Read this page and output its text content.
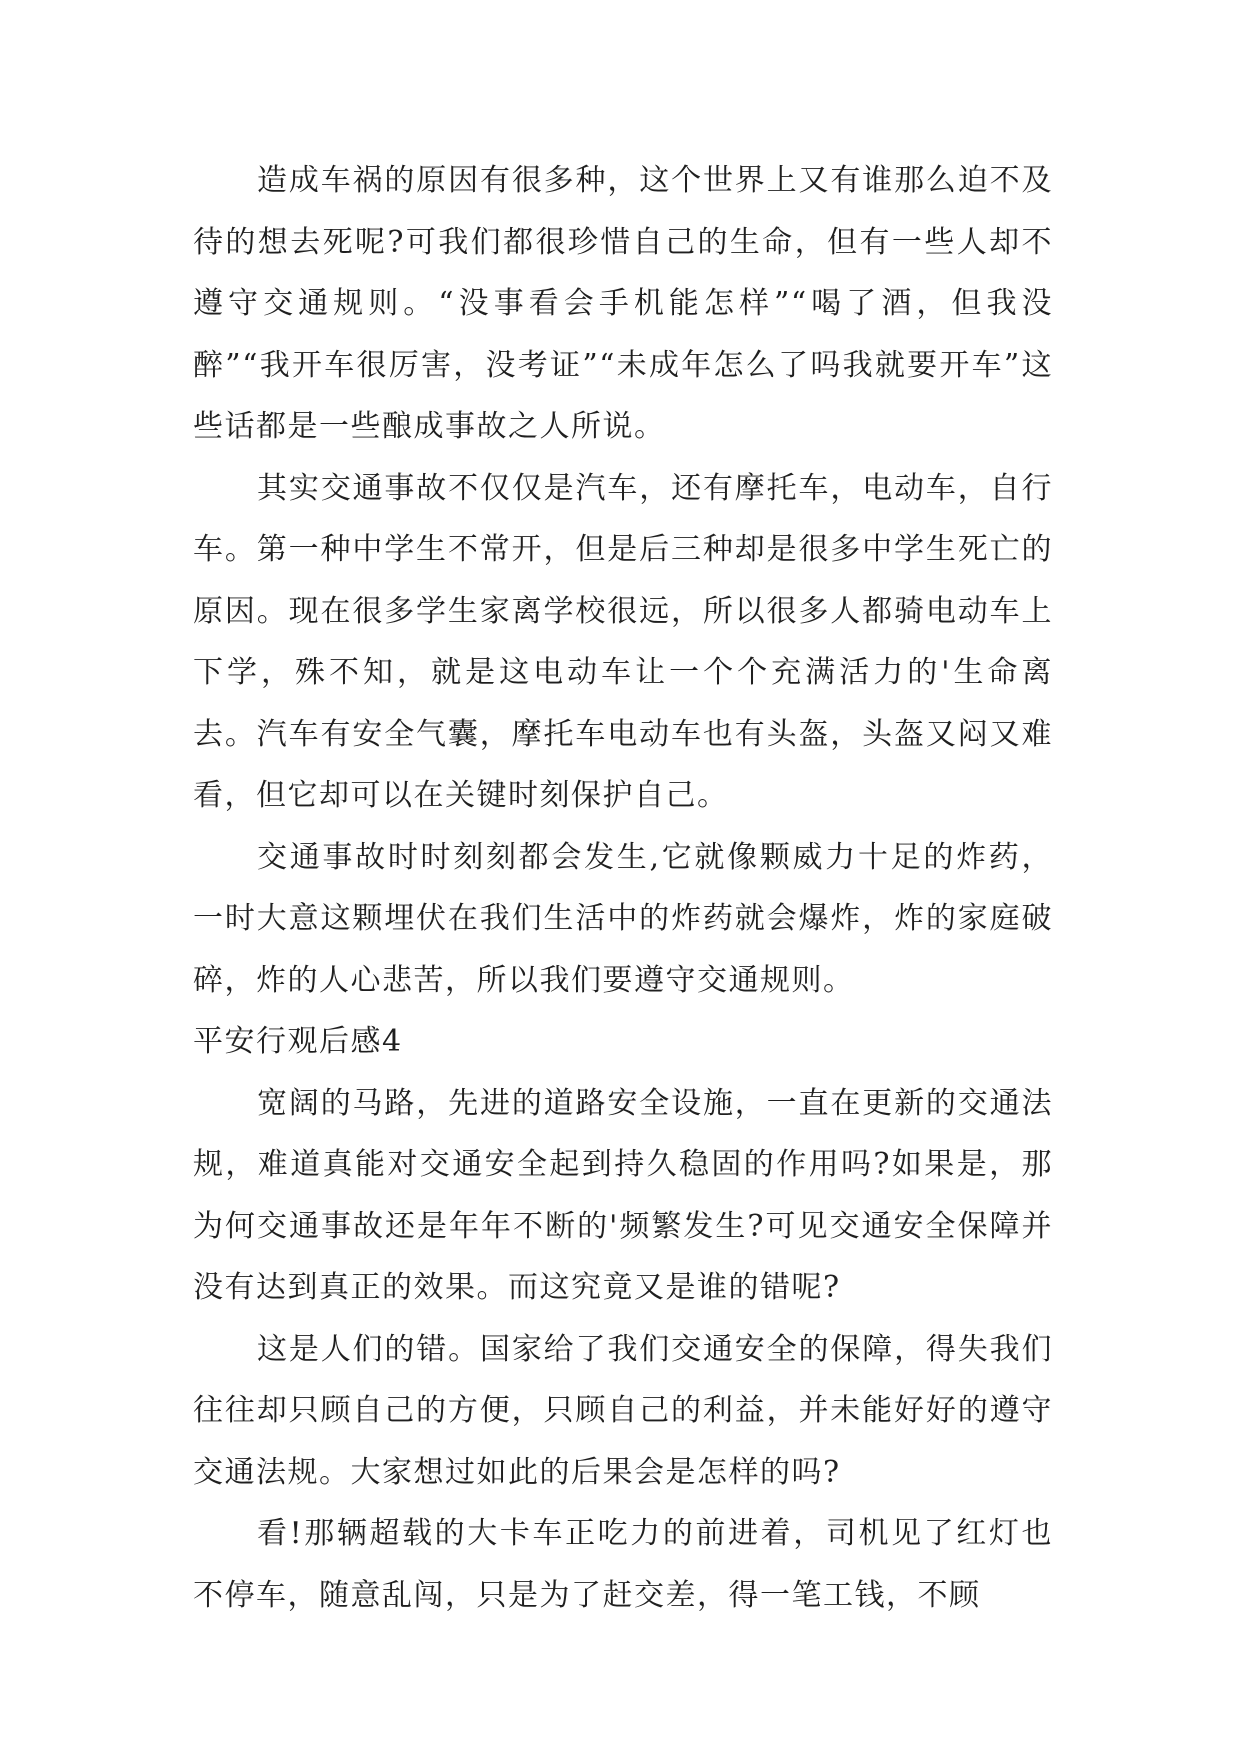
造成车祸的原因有很多种，这个世界上又有谁那么迫不及待的想去死呢?可我们都很珍惜自己的生命，但有一些人却不遵守交通规则。“没事看会手机能怎样”“喝了酒，但我没醉”“我开车很厉害，没考证”“未成年怎么了吗我就要开车”这些话都是一些酿成事故之人所说。

其实交通事故不仅仅是汽车，还有摩托车，电动车，自行车。第一种中学生不常开，但是后三种却是很多中学生死亡的原因。现在很多学生家离学校很远，所以很多人都骑电动车上下学，殊不知，就是这电动车让一个个充满活力的'生命离去。汽车有安全气囊，摩托车电动车也有头盔，头盔又闷又难看，但它却可以在关键时刻保护自己。

交通事故时时刻刻都会发生,它就像颗威力十足的炸药，一时大意这颗埋伏在我们生活中的炸药就会爆炸，炸的家庭破碎，炸的人心悲苦，所以我们要遵守交通规则。

平安行观后感4

宽阔的马路，先进的道路安全设施，一直在更新的交通法规，难道真能对交通安全起到持久稳固的作用吗?如果是，那为何交通事故还是年年不断的'频繁发生?可见交通安全保障并没有达到真正的效果。而这究竟又是谁的错呢?

这是人们的错。国家给了我们交通安全的保障，得失我们往往却只顾自己的方便，只顾自己的利益，并未能好好的遵守交通法规。大家想过如此的后果会是怎样的吗?

看!那辆超载的大卡车正吃力的前进着，司机见了红灯也不停车，随意乱闯，只是为了赶交差，得一笔工钱，不顾
